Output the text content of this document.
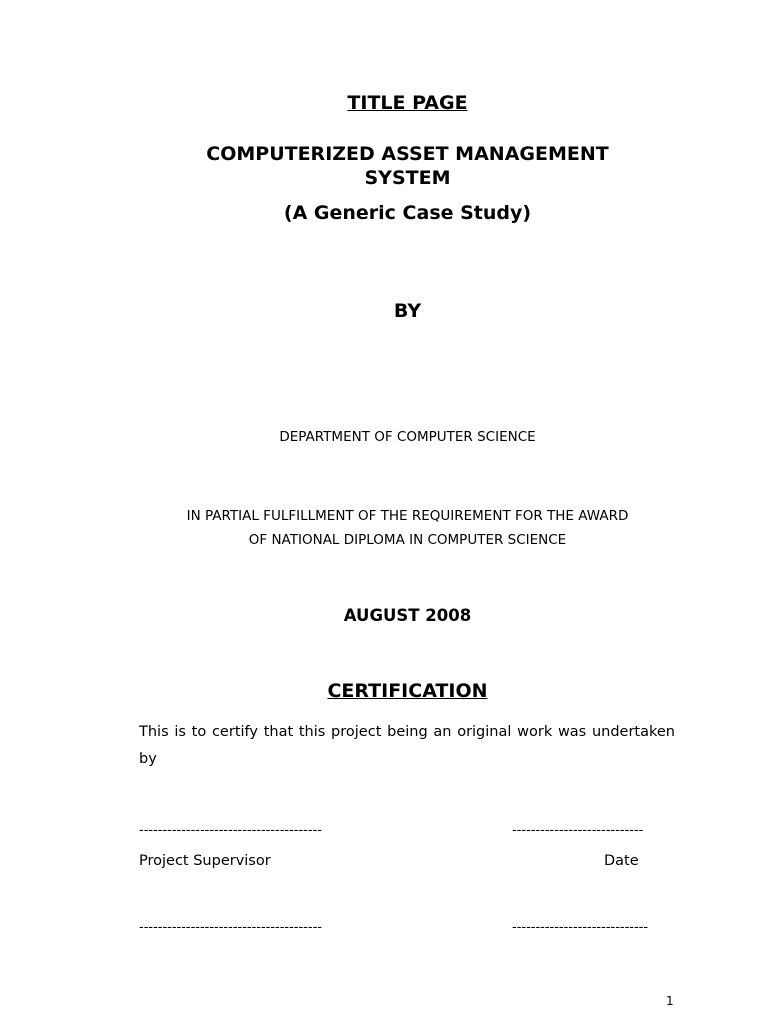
TITLE PAGE
COMPUTERIZED ASSET MANAGEMENT
SYSTEM
(A Generic Case Study)
BY
DEPARTMENT OF COMPUTER SCIENCE
IN PARTIAL FULFILLMENT OF THE REQUIREMENT FOR THE AWARD
OF NATIONAL DIPLOMA IN COMPUTER SCIENCE
AUGUST 2008
CERTIFICATION
This is to certify that this project being an original work was undertaken by
---------------------------------------	----------------------------
Project Supervisor	Date
---------------------------------------	-----------------------------
1
